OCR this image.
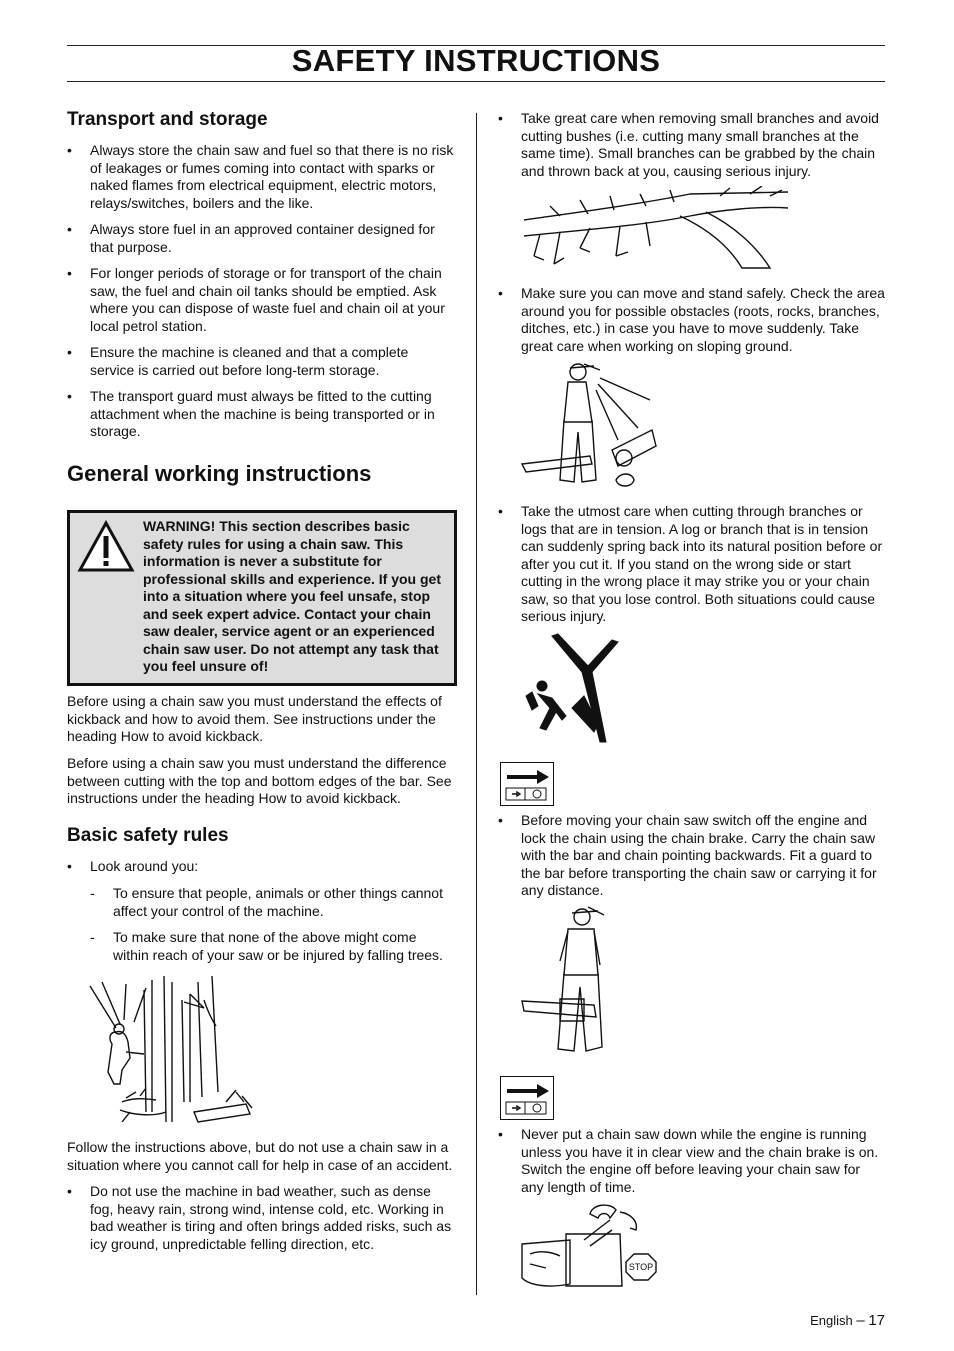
SAFETY INSTRUCTIONS
Transport and storage
• Always store the chain saw and fuel so that there is no risk
of leakages or fumes coming into contact with sparks or
naked flames from electrical equipment, electric motors,
relays/switches, boilers and the like.
• Always store fuel in an approved container designed for
that purpose.
• For longer periods of storage or for transport of the chain
saw, the fuel and chain oil tanks should be emptied. Ask
where you can dispose of waste fuel and chain oil at your
local petrol station.
• Ensure the machine is cleaned and that a complete
service is carried out before long-term storage.
• The transport guard must always be fitted to the cutting
attachment when the machine is being transported or in
storage.
General working instructions
WARNING! This section describes basic
safety rules for using a chain saw. This
information is never a substitute for
professional skills and experience. If you get
into a situation where you feel unsafe, stop
and seek expert advice. Contact your chain
saw dealer, service agent or an experienced
chain saw user. Do not attempt any task that
you feel unsure of!
Before using a chain saw you must understand the effects of
kickback and how to avoid them. See instructions under the
heading How to avoid kickback.
Before using a chain saw you must understand the difference
between cutting with the top and bottom edges of the bar. See
instructions under the heading How to avoid kickback.
Basic safety rules
• Look around you:
- To ensure that people, animals or other things cannot
affect your control of the machine.
- To make sure that none of the above might come
within reach of your saw or be injured by falling trees.
Follow the instructions above, but do not use a chain saw in a
situation where you cannot call for help in case of an accident.
• Do not use the machine in bad weather, such as dense
fog, heavy rain, strong wind, intense cold, etc. Working in
bad weather is tiring and often brings added risks, such as
icy ground, unpredictable felling direction, etc.
• Take great care when removing small branches and avoid
cutting bushes (i.e. cutting many small branches at the
same time). Small branches can be grabbed by the chain
and thrown back at you, causing serious injury.
• Make sure you can move and stand safely. Check the area
around you for possible obstacles (roots, rocks, branches,
ditches, etc.) in case you have to move suddenly. Take
great care when working on sloping ground.
• Take the utmost care when cutting through branches or
logs that are in tension. A log or branch that is in tension
can suddenly spring back into its natural position before or
after you cut it. If you stand on the wrong side or start
cutting in the wrong place it may strike you or your chain
saw, so that you lose control. Both situations could cause
serious injury.
• Before moving your chain saw switch off the engine and
lock the chain using the chain brake. Carry the chain saw
with the bar and chain pointing backwards. Fit a guard to
the bar before transporting the chain saw or carrying it for
any distance.
• Never put a chain saw down while the engine is running
unless you have it in clear view and the chain brake is on.
Switch the engine off before leaving your chain saw for
any length of time.
STOP
English – 17
